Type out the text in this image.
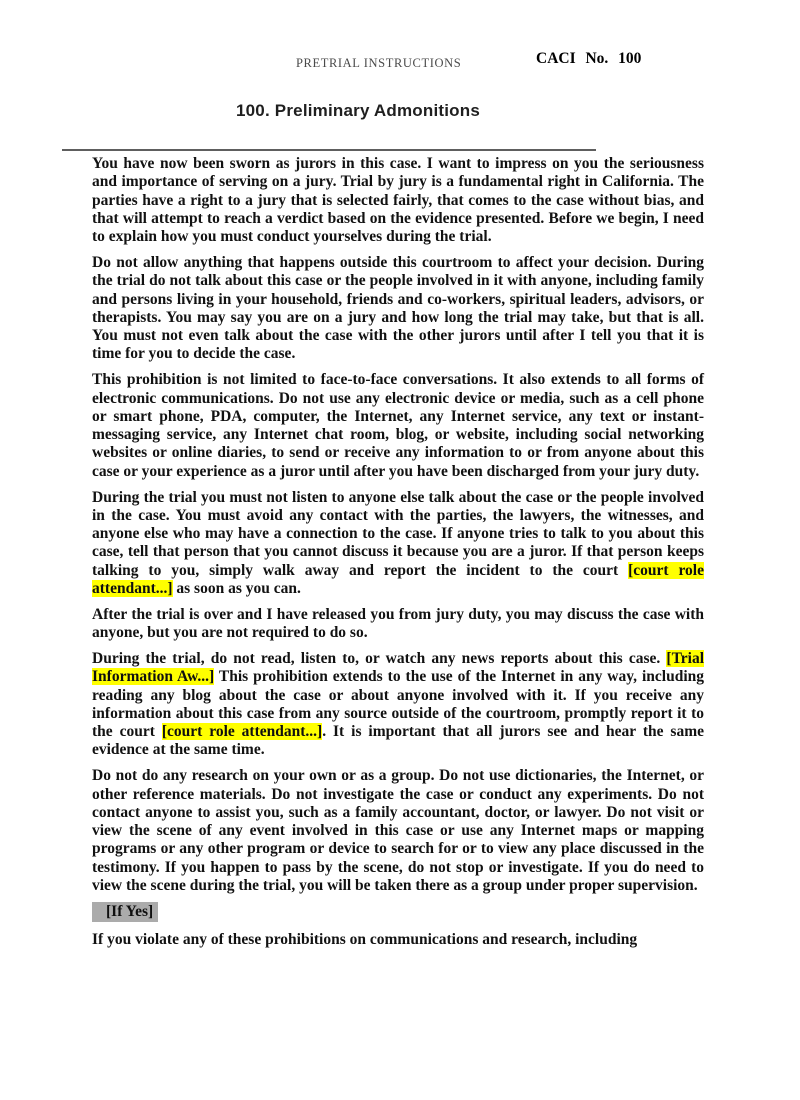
PRETRIAL INSTRUCTIONS	CACI No. 100
100. Preliminary Admonitions

You have now been sworn as jurors in this case. I want to impress on you the seriousness and importance of serving on a jury. Trial by jury is a fundamental right in California. The parties have a right to a jury that is selected fairly, that comes to the case without bias, and that will attempt to reach a verdict based on the evidence presented. Before we begin, I need to explain how you must conduct yourselves during the trial.

Do not allow anything that happens outside this courtroom to affect your decision. During the trial do not talk about this case or the people involved in it with anyone, including family and persons living in your household, friends and co-workers, spiritual leaders, advisors, or therapists. You may say you are on a jury and how long the trial may take, but that is all. You must not even talk about the case with the other jurors until after I tell you that it is time for you to decide the case.

This prohibition is not limited to face-to-face conversations. It also extends to all forms of electronic communications. Do not use any electronic device or media, such as a cell phone or smart phone, PDA, computer, the Internet, any Internet service, any text or instant- messaging service, any Internet chat room, blog, or website, including social networking websites or online diaries, to send or receive any information to or from anyone about this case or your experience as a juror until after you have been discharged from your jury duty.

During the trial you must not listen to anyone else talk about the case or the people involved in the case. You must avoid any contact with the parties, the lawyers, the witnesses, and anyone else who may have a connection to the case. If anyone tries to talk to you about this case, tell that person that you cannot discuss it because you are a juror. If that person keeps talking to you, simply walk away and report the incident to the court [court role attendant...] as soon as you can.

After the trial is over and I have released you from jury duty, you may discuss the case with anyone, but you are not required to do so.

During the trial, do not read, listen to, or watch any news reports about this case. [Trial Information Aw...] This prohibition extends to the use of the Internet in any way, including reading any blog about the case or about anyone involved with it. If you receive any information about this case from any source outside of the courtroom, promptly report it to the court [court role attendant...]. It is important that all jurors see and hear the same evidence at the same time.

Do not do any research on your own or as a group. Do not use dictionaries, the Internet, or other reference materials. Do not investigate the case or conduct any experiments. Do not contact anyone to assist you, such as a family accountant, doctor, or lawyer. Do not visit or view the scene of any event involved in this case or use any Internet maps or mapping programs or any other program or device to search for or to view any place discussed in the testimony. If you happen to pass by the scene, do not stop or investigate. If you do need to view the scene during the trial, you will be taken there as a group under proper supervision.

[If Yes]

If you violate any of these prohibitions on communications and research, including
